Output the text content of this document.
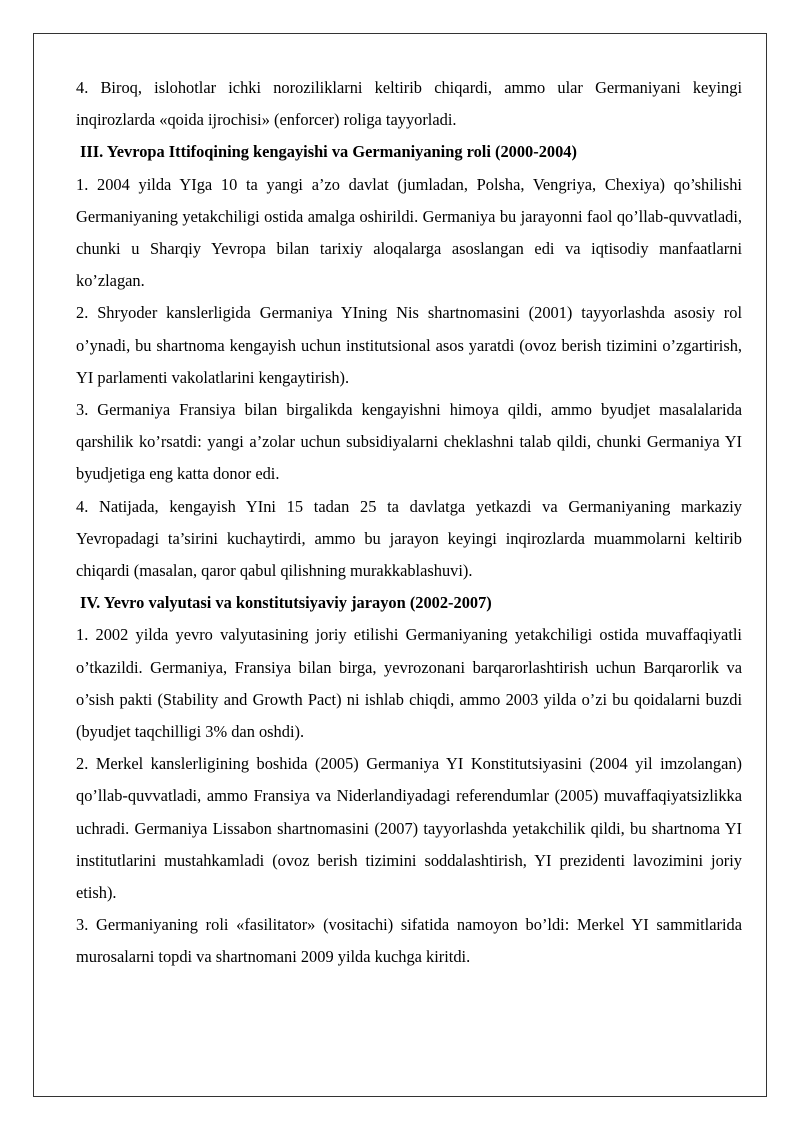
4. Biroq, islohotlar ichki noroziliklarni keltirib chiqardi, ammo ular Germaniyani keyingi inqirozlarda «qoida ijrochisi» (enforcer) roliga tayyorladi.

III. Yevropa Ittifoqining kengayishi va Germaniyaning roli (2000-2004)

1. 2004 yilda YIga 10 ta yangi a’zo davlat (jumladan, Polsha, Vengriya, Chexiya) qo’shilishi Germaniyaning yetakchiligi ostida amalga oshirildi. Germaniya bu jarayonni faol qo’llab-quvvatladi, chunki u Sharqiy Yevropa bilan tarixiy aloqalarga asoslangan edi va iqtisodiy manfaatlarni ko’zlagan.

2. Shryoder kanslerligida Germaniya YIning Nis shartnomasini (2001) tayyorlashda asosiy rol o’ynadi, bu shartnoma kengayish uchun institutsional asos yaratdi (ovoz berish tizimini o’zgartirish, YI parlamenti vakolatlarini kengaytirish).

3. Germaniya Fransiya bilan birgalikda kengayishni himoya qildi, ammo byudjet masalalarida qarshilik ko’rsatdi: yangi a’zolar uchun subsidiyalarni cheklashni talab qildi, chunki Germaniya YI byudjetiga eng katta donor edi.

4. Natijada, kengayish YIni 15 tadan 25 ta davlatga yetkazdi va Germaniyaning markaziy Yevropadagi ta’sirini kuchaytirdi, ammo bu jarayon keyingi inqirozlarda muammolarni keltirib chiqardi (masalan, qaror qabul qilishning murakkablashuvi).

IV. Yevro valyutasi va konstitutsiyaviy jarayon (2002-2007)

1. 2002 yilda yevro valyutasining joriy etilishi Germaniyaning yetakchiligi ostida muvaffaqiyatli o’tkazildi. Germaniya, Fransiya bilan birga, yevrozonani barqarorlashtirish uchun Barqarorlik va o’sish pakti (Stability and Growth Pact) ni ishlab chiqdi, ammo 2003 yilda o’zi bu qoidalarni buzdi (byudjet taqchilligi 3% dan oshdi).

2. Merkel kanslerligining boshida (2005) Germaniya YI Konstitutsiyasini (2004 yil imzolangan) qo’llab-quvvatladi, ammo Fransiya va Niderlandiyadagi referendumlar (2005) muvaffaqiyatsizlikka uchradi. Germaniya Lissabon shartnomasini (2007) tayyorlashda yetakchilik qildi, bu shartnoma YI institutlarini mustahkamladi (ovoz berish tizimini soddalashtirish, YI prezidenti lavozimini joriy etish).

3. Germaniyaning roli «fasilitator» (vositachi) sifatida namoyon bo’ldi: Merkel YI sammitlarida murosalarni topdi va shartnomani 2009 yilda kuchga kiritdi.
